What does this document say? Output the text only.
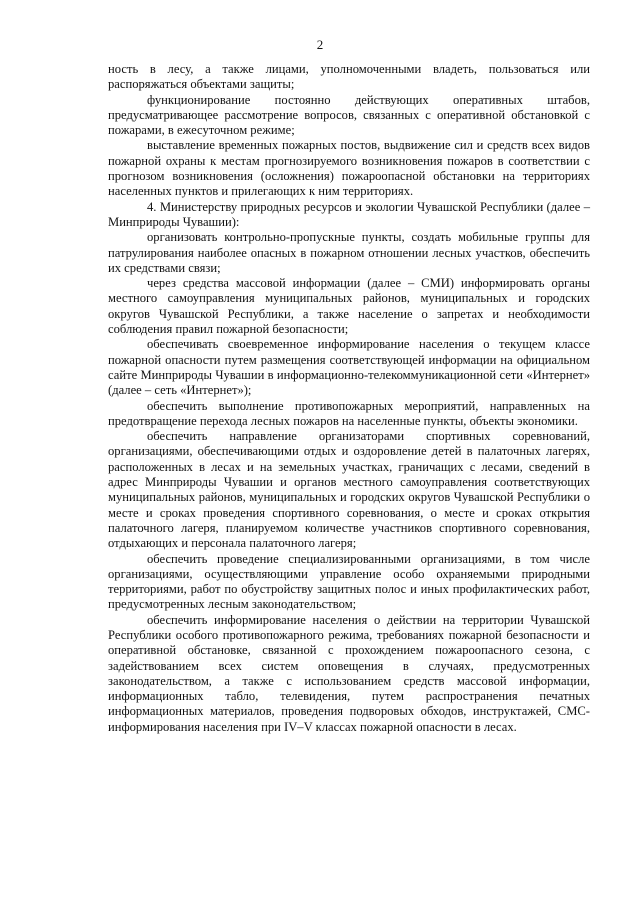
2

ность в лесу, а также лицами, уполномоченными владеть, пользоваться или распоряжаться объектами защиты;

функционирование постоянно действующих оперативных штабов, предусматривающее рассмотрение вопросов, связанных с оперативной обстановкой с пожарами, в ежесуточном режиме;

выставление временных пожарных постов, выдвижение сил и средств всех видов пожарной охраны к местам прогнозируемого возникновения пожаров в соответствии с прогнозом возникновения (осложнения) пожароопасной обстановки на территориях населенных пунктов и прилегающих к ним территориях.

4. Министерству природных ресурсов и экологии Чувашской Республики (далее – Минприроды Чувашии):

организовать контрольно-пропускные пункты, создать мобильные группы для патрулирования наиболее опасных в пожарном отношении лесных участков, обеспечить их средствами связи;

через средства массовой информации (далее – СМИ) информировать органы местного самоуправления муниципальных районов, муниципальных и городских округов Чувашской Республики, а также население о запретах и необходимости соблюдения правил пожарной безопасности;

обеспечивать своевременное информирование населения о текущем классе пожарной опасности путем размещения соответствующей информации на официальном сайте Минприроды Чувашии в информационно-телекоммуникационной сети «Интернет» (далее – сеть «Интернет»);

обеспечить выполнение противопожарных мероприятий, направленных на предотвращение перехода лесных пожаров на населенные пункты, объекты экономики.

обеспечить направление организаторами спортивных соревнований, организациями, обеспечивающими отдых и оздоровление детей в палаточных лагерях, расположенных в лесах и на земельных участках, граничащих с лесами, сведений в адрес Минприроды Чувашии и органов местного самоуправления соответствующих муниципальных районов, муниципальных и городских округов Чувашской Республики о месте и сроках проведения спортивного соревнования, о месте и сроках открытия палаточного лагеря, планируемом количестве участников спортивного соревнования, отдыхающих и персонала палаточного лагеря;

обеспечить проведение специализированными организациями, в том числе организациями, осуществляющими управление особо охраняемыми природными территориями, работ по обустройству защитных полос и иных профилактических работ, предусмотренных лесным законодательством;

обеспечить информирование населения о действии на территории Чувашской Республики особого противопожарного режима, требованиях пожарной безопасности и оперативной обстановке, связанной с прохождением пожароопасного сезона, с задействованием всех систем оповещения в случаях, предусмотренных законодательством, а также с использованием средств массовой информации, информационных табло, телевидения, путем распространения печатных информационных материалов, проведения подворовых обходов, инструктажей, СМС-информирования населения при IV–V классах пожарной опасности в лесах.
